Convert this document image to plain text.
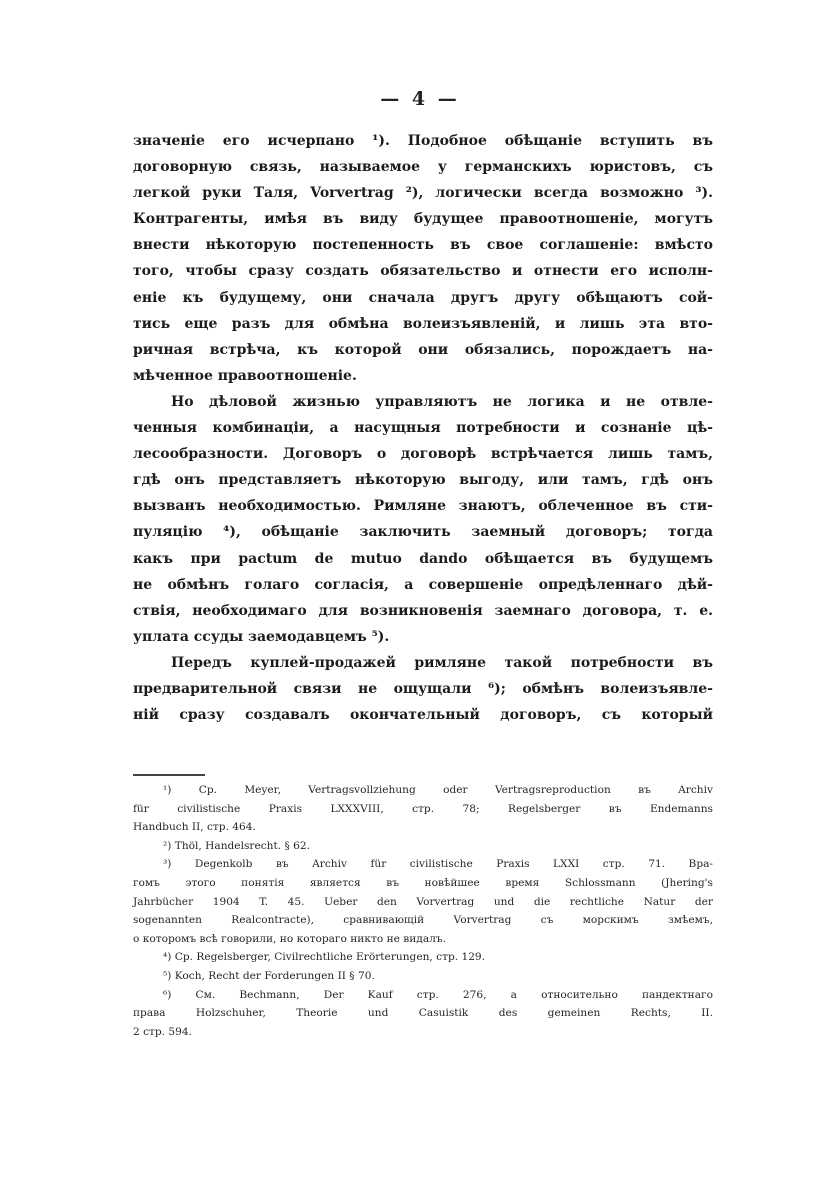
— 4 —
значеніе его исчерпано ¹). Подобное обѣщаніе вступить въ
договорную связь, называемое у германскихъ юристовъ, съ
легкой руки Таля, Vorvertrag ²), логически всегда возможно ³).
Контрагенты, имѣя въ виду будущее правоотношеніе, могутъ
внести нѣкоторую постепенность въ свое соглашеніе: вмѣсто
того, чтобы сразу создать обязательство и отнести его исполн-
еніе къ будущему, они сначала другъ другу обѣщаютъ сой-
тись еще разъ для обмѣна волеизъявленій, и лишь эта вто-
ричная встрѣча, къ которой они обязались, порождаетъ на-
мѣченное правоотношеніе.
Но дѣловой жизнью управляютъ не логика и не отвле-
ченныя комбинаціи, а насущныя потребности и сознаніе цѣ-
лесообразности. Договоръ о договорѣ встрѣчается лишь тамъ,
гдѣ онъ представляетъ нѣкоторую выгоду, или тамъ, гдѣ онъ
вызванъ необходимостью. Римляне знаютъ, облеченное въ сти-
пуляцію ⁴), обѣщаніе заключить заемный договоръ; тогда
какъ при pactum de mutuo dando обѣщается въ будущемъ
не обмѣнъ голаго согласія, а совершеніе опредѣленнаго дѣй-
ствія, необходимаго для возникновенія заемнаго договора, т. е.
уплата ссуды заемодавцемъ ⁵).
Передъ куплей-продажей римляне такой потребности въ
предварительной связи не ощущали ⁶); обмѣнъ волеизъявле-
ній сразу создавалъ окончательный договоръ, съ который
¹) Ср. Meyer, Vertragsvollziehung oder Vertragsreproduction въ Archiv
für civilistische Praxis LXXXVIII, стр. 78; Regelsberger въ Endemanns
Handbuch II, стр. 464.
²) Thöl, Handelsrecht. § 62.
³) Degenkolb въ Archiv für civilistische Praxis LXXI стр. 71. Вра-
гомъ этого понятія является въ новѣйшее время Schlossmann (Jhering's
Jahrbücher 1904 T. 45. Ueber den Vorvertrag und die rechtliche Natur der
sogenannten Realcontracte), сравнивающій Vorvertrag съ морскимъ змѣемъ,
о которомъ всѣ говорили, но котораго никто не видалъ.
⁴) Ср. Regelsberger, Civilrechtliche Erörterungen, стр. 129.
⁵) Koch, Recht der Forderungen II § 70.
⁶) См. Bechmann, Der Kauf стр. 276, а относительно пандектнаго
права Holzschuher, Theorie und Casuistik des gemeinen Rechts, II.
2 стр. 594.
